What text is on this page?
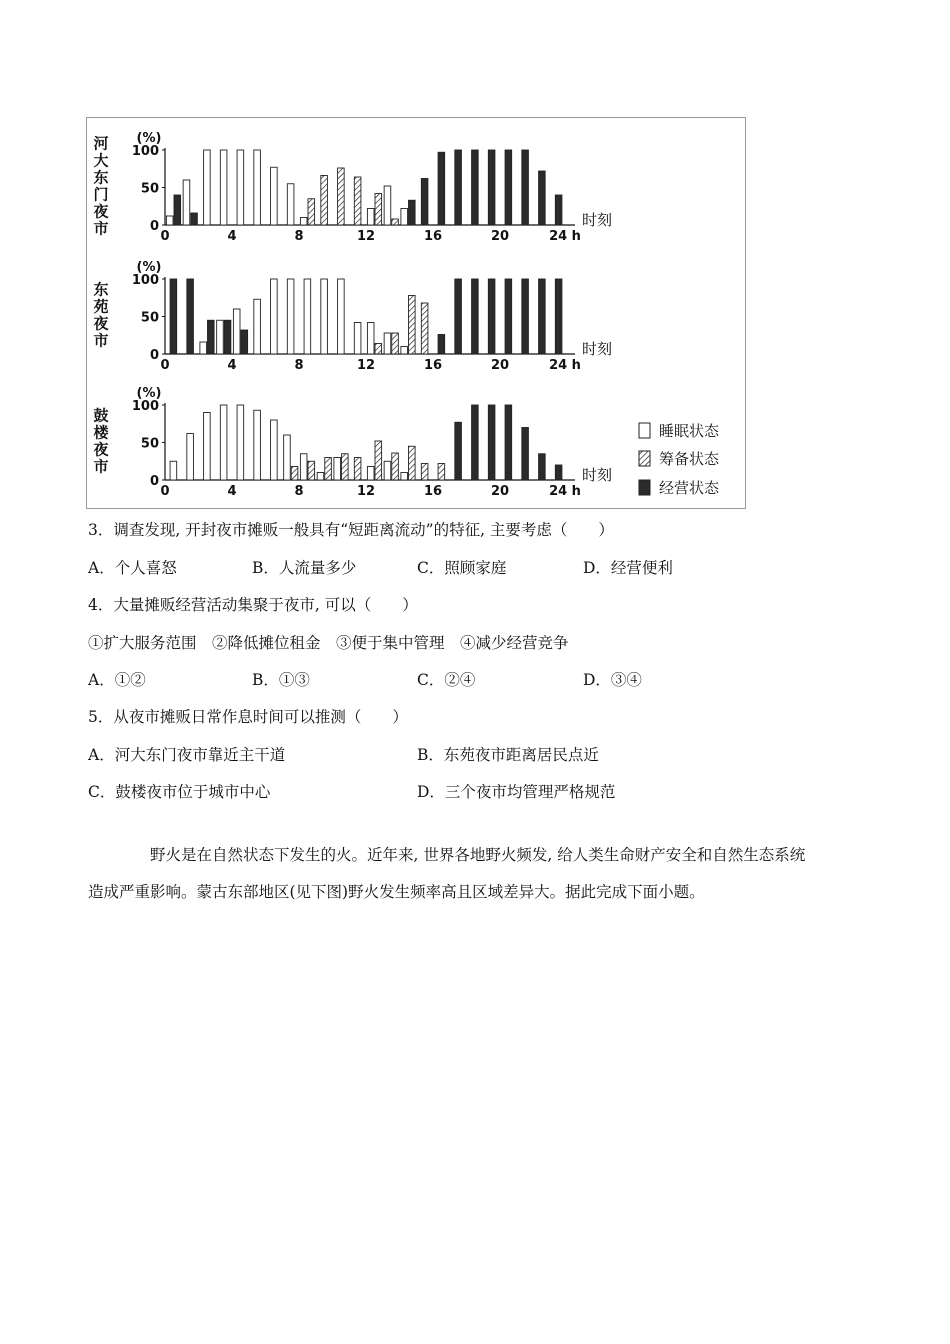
河大东门夜市
(%)
0
50
100
0	4	8	12	16	20	24 h
时刻
东苑夜市
(%)
0
50
100
0	4	8	12	16	20	24 h
时刻
鼓楼夜市
(%)
0
50
100
0	4	8	12	16	20	24 h
时刻
睡眠状态
筹备状态
经营状态
3．调查发现, 开封夜市摊贩一般具有“短距离流动”的特征, 主要考虑（　　）
A．个人喜怒	B．人流量多少	C．照顾家庭	D．经营便利
4．大量摊贩经营活动集聚于夜市, 可以（　　）
①扩大服务范围　②降低摊位租金　③便于集中管理　④减少经营竞争
A．①②	B．①③	C．②④	D．③④
5．从夜市摊贩日常作息时间可以推测（　　）
A．河大东门夜市靠近主干道	B．东苑夜市距离居民点近
C．鼓楼夜市位于城市中心	D．三个夜市均管理严格规范
野火是在自然状态下发生的火。近年来, 世界各地野火频发, 给人类生命财产安全和自然生态系统
造成严重影响。蒙古东部地区(见下图)野火发生频率高且区域差异大。据此完成下面小题。
